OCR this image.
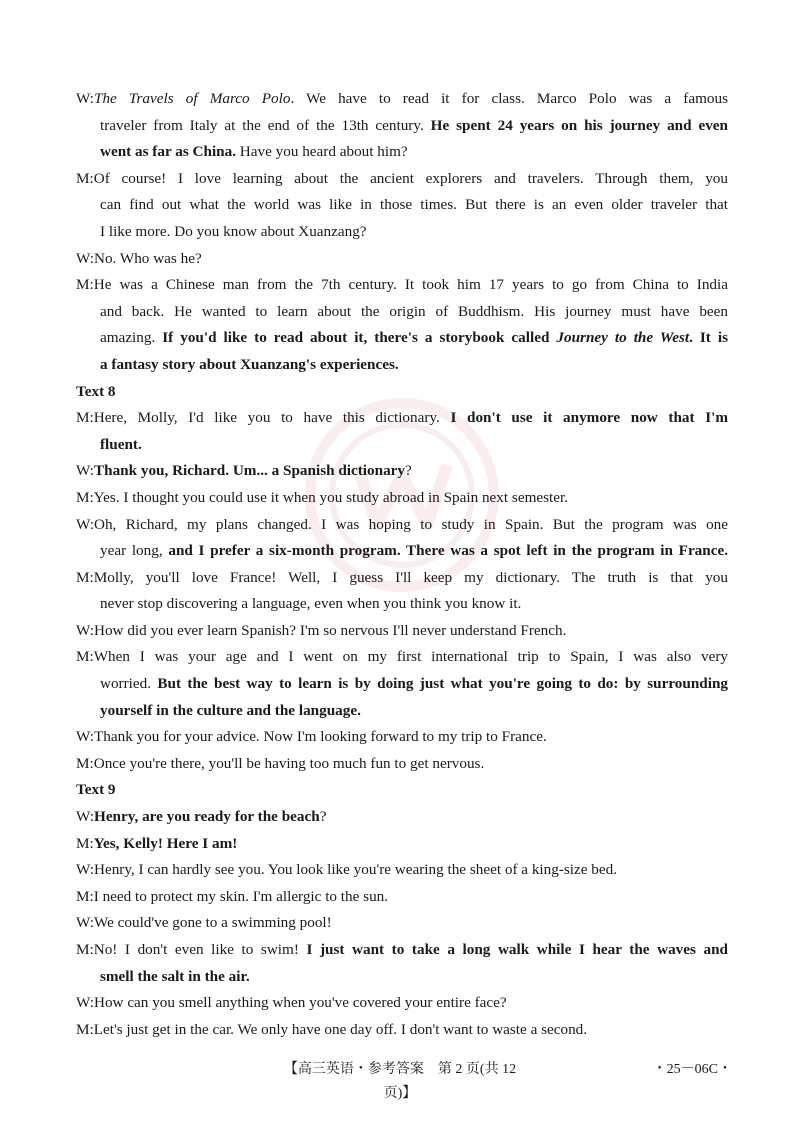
W:The Travels of Marco Polo. We have to read it for class. Marco Polo was a famous
traveler from Italy at the end of the 13th century. He spent 24 years on his journey and even
went as far as China. Have you heard about him?
M:Of course! I love learning about the ancient explorers and travelers. Through them, you
can find out what the world was like in those times. But there is an even older traveler that
I like more. Do you know about Xuanzang?
W:No. Who was he?
M:He was a Chinese man from the 7th century. It took him 17 years to go from China to India
and back. He wanted to learn about the origin of Buddhism. His journey must have been
amazing. If you'd like to read about it, there's a storybook called Journey to the West. It is
a fantasy story about Xuanzang's experiences.
Text 8
M:Here, Molly, I'd like you to have this dictionary. I don't use it anymore now that I'm
fluent.
W:Thank you, Richard. Um... a Spanish dictionary?
M:Yes. I thought you could use it when you study abroad in Spain next semester.
W:Oh, Richard, my plans changed. I was hoping to study in Spain. But the program was one
year long, and I prefer a six-month program. There was a spot left in the program in France.
M:Molly, you'll love France! Well, I guess I'll keep my dictionary. The truth is that you
never stop discovering a language, even when you think you know it.
W:How did you ever learn Spanish? I'm so nervous I'll never understand French.
M:When I was your age and I went on my first international trip to Spain, I was also very
worried. But the best way to learn is by doing just what you're going to do: by surrounding
yourself in the culture and the language.
W:Thank you for your advice. Now I'm looking forward to my trip to France.
M:Once you're there, you'll be having too much fun to get nervous.
Text 9
W:Henry, are you ready for the beach?
M:Yes, Kelly! Here I am!
W:Henry, I can hardly see you. You look like you're wearing the sheet of a king-size bed.
M:I need to protect my skin. I'm allergic to the sun.
W:We could've gone to a swimming pool!
M:No! I don't even like to swim! I just want to take a long walk while I hear the waves and
smell the salt in the air.
W:How can you smell anything when you've covered your entire face?
M:Let's just get in the car. We only have one day off. I don't want to waste a second.
【高三英语・参考答案　第 2 页(共 12 页)】
・25－06C・
